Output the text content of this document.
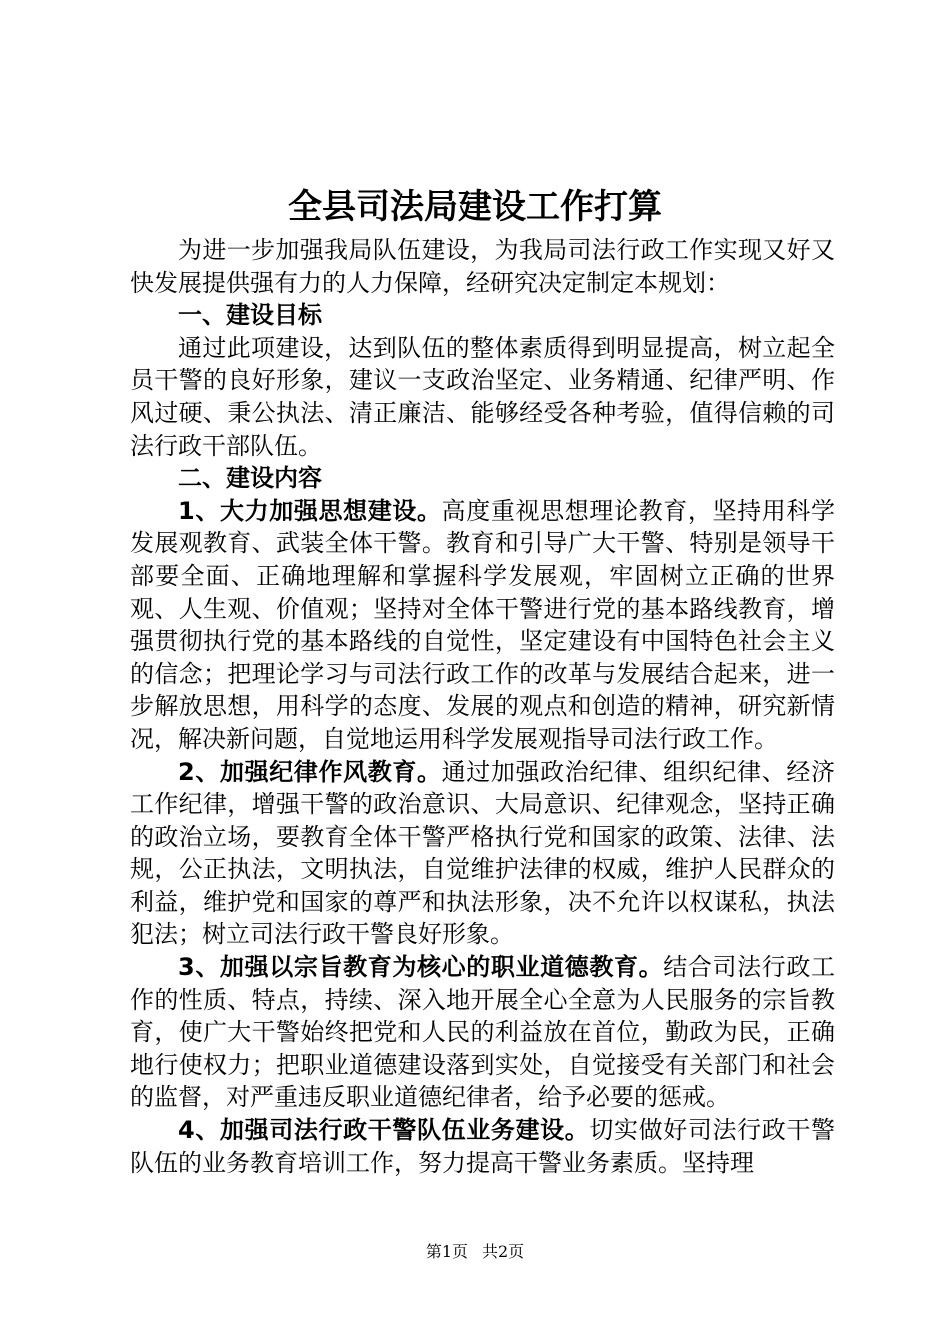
全县司法局建设工作打算

为进一步加强我局队伍建设，为我局司法行政工作实现又好又快发展提供强有力的人力保障，经研究决定制定本规划：

一、建设目标

通过此项建设，达到队伍的整体素质得到明显提高，树立起全员干警的良好形象，建议一支政治坚定、业务精通、纪律严明、作风过硬、秉公执法、清正廉洁、能够经受各种考验，值得信赖的司法行政干部队伍。

二、建设内容

1、大力加强思想建设。高度重视思想理论教育，坚持用科学发展观教育、武装全体干警。教育和引导广大干警、特别是领导干部要全面、正确地理解和掌握科学发展观，牢固树立正确的世界观、人生观、价值观；坚持对全体干警进行党的基本路线教育，增强贯彻执行党的基本路线的自觉性，坚定建设有中国特色社会主义的信念；把理论学习与司法行政工作的改革与发展结合起来，进一步解放思想，用科学的态度、发展的观点和创造的精神，研究新情况，解决新问题，自觉地运用科学发展观指导司法行政工作。

2、加强纪律作风教育。通过加强政治纪律、组织纪律、经济工作纪律，增强干警的政治意识、大局意识、纪律观念，坚持正确的政治立场，要教育全体干警严格执行党和国家的政策、法律、法规，公正执法，文明执法，自觉维护法律的权威，维护人民群众的利益，维护党和国家的尊严和执法形象，决不允许以权谋私，执法犯法；树立司法行政干警良好形象。

3、加强以宗旨教育为核心的职业道德教育。结合司法行政工作的性质、特点，持续、深入地开展全心全意为人民服务的宗旨教育，使广大干警始终把党和人民的利益放在首位，勤政为民，正确地行使权力；把职业道德建设落到实处，自觉接受有关部门和社会的监督，对严重违反职业道德纪律者，给予必要的惩戒。

4、加强司法行政干警队伍业务建设。切实做好司法行政干警队伍的业务教育培训工作，努力提高干警业务素质。坚持理

第1页 共2页
